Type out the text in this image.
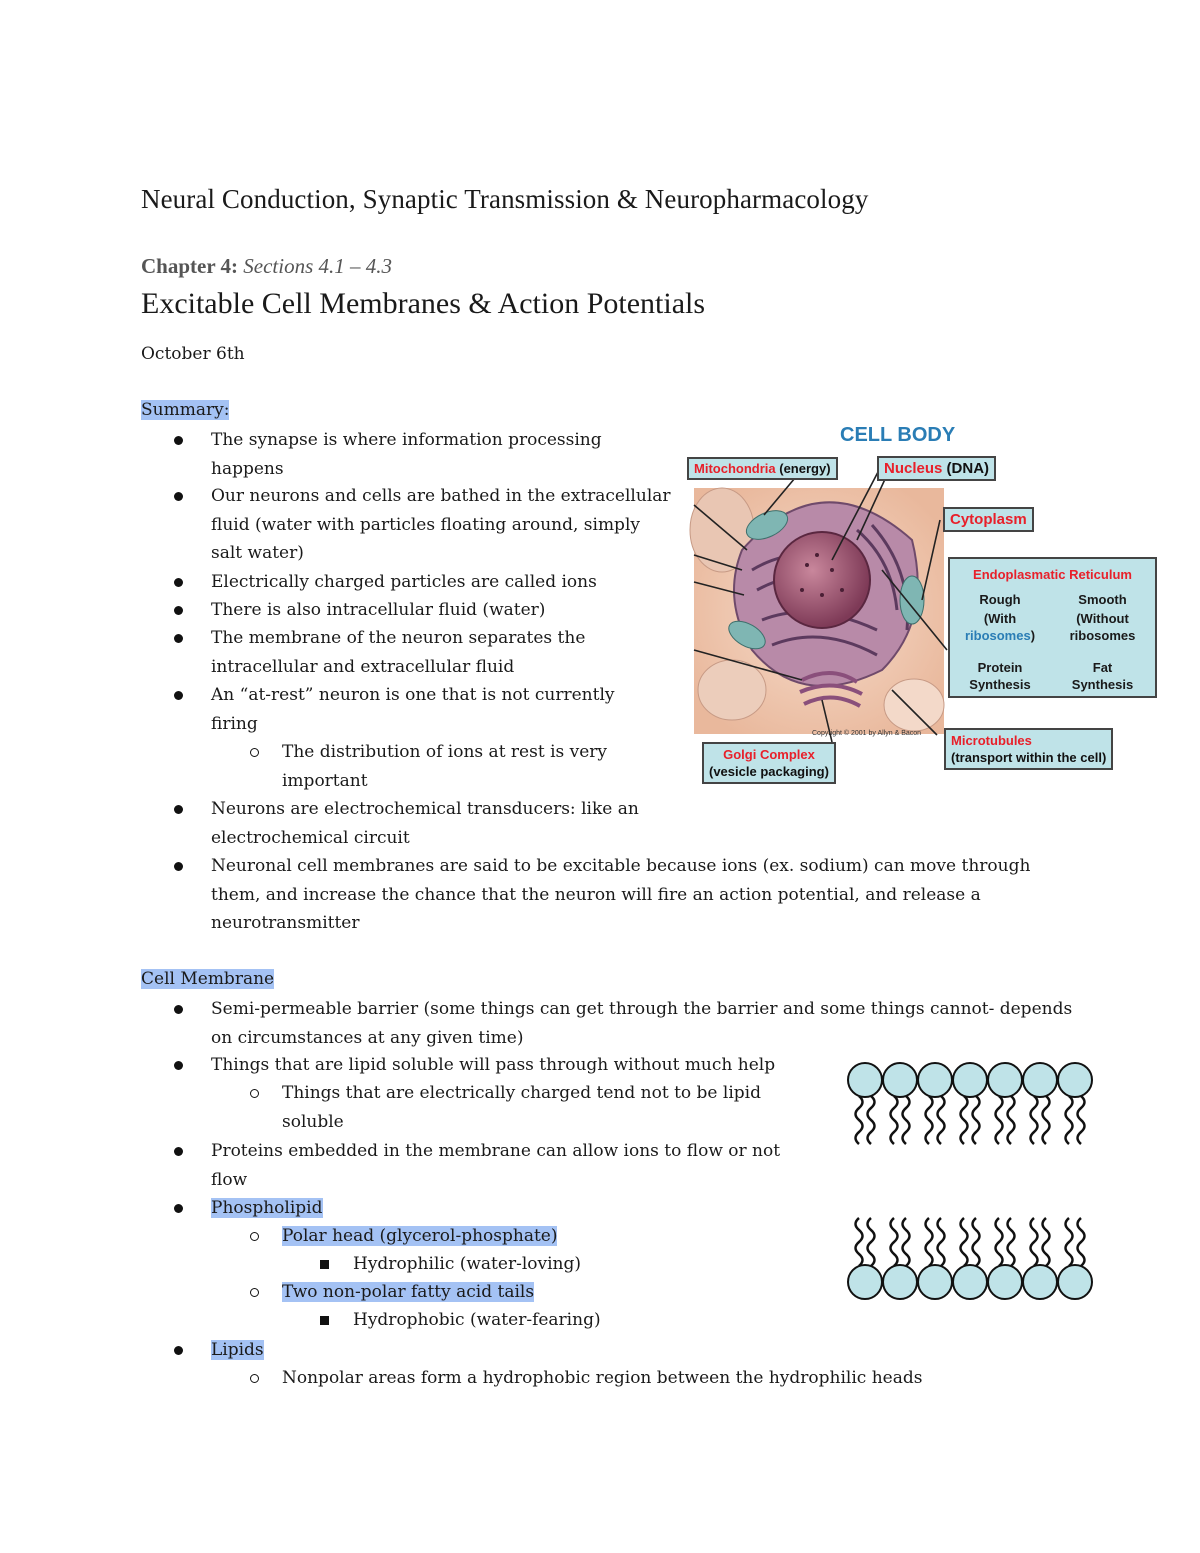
Neural Conduction, Synaptic Transmission & Neuropharmacology
Chapter 4: Sections 4.1 – 4.3
Excitable Cell Membranes & Action Potentials
October 6th
Summary:
The synapse is where information processing happens
Our neurons and cells are bathed in the extracellular fluid (water with particles floating around, simply salt water)
Electrically charged particles are called ions
There is also intracellular fluid (water)
The membrane of the neuron separates the intracellular and extracellular fluid
An “at-rest” neuron is one that is not currently firing
The distribution of ions at rest is very important
Neurons are electrochemical transducers: like an electrochemical circuit
Neuronal cell membranes are said to be excitable because ions (ex. sodium) can move through them, and increase the chance that the neuron will fire an action potential, and release a neurotransmitter
Cell Membrane
Semi-permeable barrier (some things can get through the barrier and some things cannot- depends on circumstances at any given time)
Things that are lipid soluble will pass through without much help
Things that are electrically charged tend not to be lipid soluble
Proteins embedded in the membrane can allow ions to flow or not flow
Phospholipid
Polar head (glycerol-phosphate)
Hydrophilic (water-loving)
Two non-polar fatty acid tails
Hydrophobic (water-fearing)
Lipids
Nonpolar areas form a hydrophobic region between the hydrophilic heads
CELL BODY
Mitochondria (energy)	Nucleus (DNA)
Cytoplasm
Endoplasmatic Reticulum
Rough
(With
ribosomes)
Smooth
(Without
ribosomes
Protein
Synthesis
Fat
Synthesis
Golgi Complex
(vesicle packaging)
Microtubules
(transport within the cell)
Copyright © 2001 by Allyn & Bacon
